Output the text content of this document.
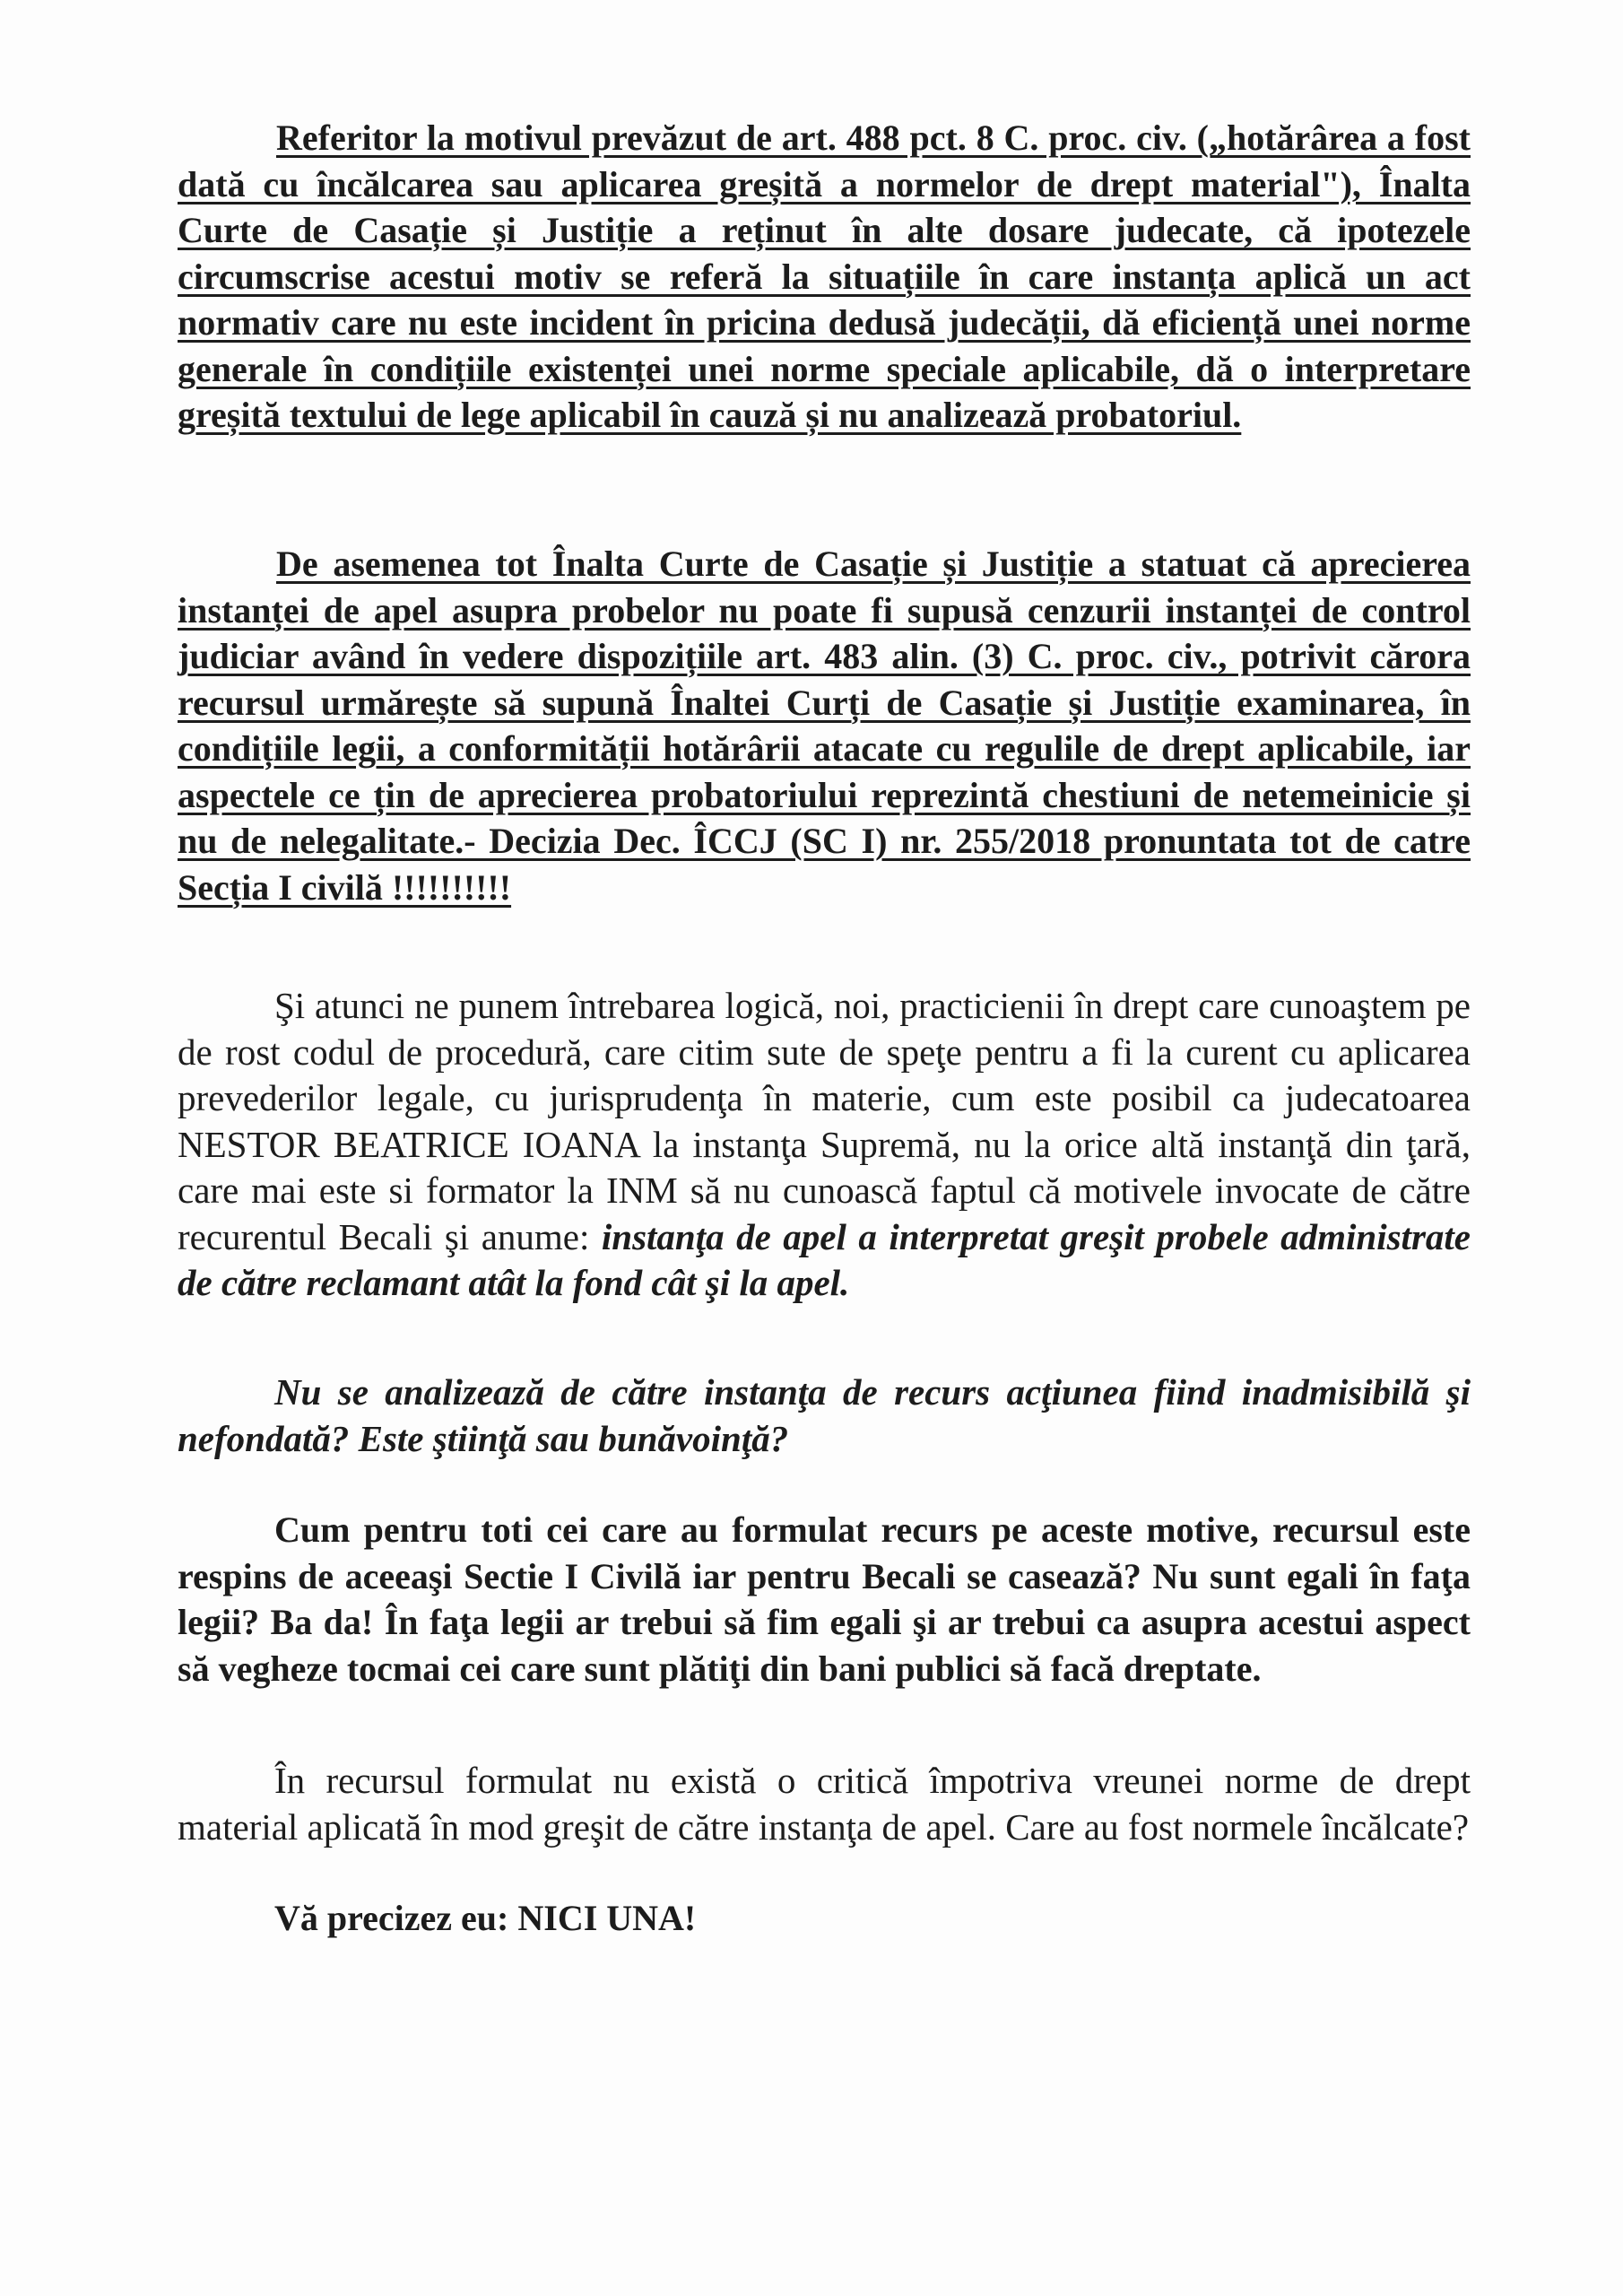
Referitor la motivul prevăzut de art. 488 pct. 8 C. proc. civ. („hotărârea a fost dată cu încălcarea sau aplicarea greșită a normelor de drept material"), Înalta Curte de Casație și Justiție a reținut în alte dosare judecate, că ipotezele circumscrise acestui motiv se referă la situațiile în care instanța aplică un act normativ care nu este incident în pricina dedusă judecății, dă eficiență unei norme generale în condițiile existenței unei norme speciale aplicabile, dă o interpretare greșită textului de lege aplicabil în cauză și nu analizează probatoriul.

De asemenea tot Înalta Curte de Casație și Justiție a statuat că aprecierea instanței de apel asupra probelor nu poate fi supusă cenzurii instanței de control judiciar având în vedere dispozițiile art. 483 alin. (3) C. proc. civ., potrivit cărora recursul urmărește să supună Înaltei Curți de Casație și Justiție examinarea, în condițiile legii, a conformității hotărârii atacate cu regulile de drept aplicabile, iar aspectele ce țin de aprecierea probatoriului reprezintă chestiuni de netemeinicie și nu de nelegalitate.- Decizia Dec. ÎCCJ (SC I) nr. 255/2018 pronuntata tot de catre Secția I civilă !!!!!!!!!!

Şi atunci ne punem întrebarea logică, noi, practicienii în drept care cunoaştem pe de rost codul de procedură, care citim sute de speţe pentru a fi la curent cu aplicarea prevederilor legale, cu jurisprudenţa în materie, cum este posibil ca judecatoarea NESTOR BEATRICE IOANA la instanţa Supremă, nu la orice altă instanţă din ţară, care mai este si formator la INM să nu cunoască faptul că motivele invocate de către recurentul Becali şi anume: instanţa de apel a interpretat greşit probele administrate de către reclamant atât la fond cât şi la apel.

Nu se analizează de către instanţa de recurs acţiunea fiind inadmisibilă şi nefondată? Este ştiinţă sau bunăvoinţă?

Cum pentru toti cei care au formulat recurs pe aceste motive, recursul este respins de aceeaşi Sectie I Civilă iar pentru Becali se casează? Nu sunt egali în faţa legii? Ba da! În faţa legii ar trebui să fim egali şi ar trebui ca asupra acestui aspect să vegheze tocmai cei care sunt plătiţi din bani publici să facă dreptate.

În recursul formulat nu există o critică împotriva vreunei norme de drept material aplicată în mod greşit de către instanţa de apel. Care au fost normele încălcate?

Vă precizez eu: NICI UNA!
